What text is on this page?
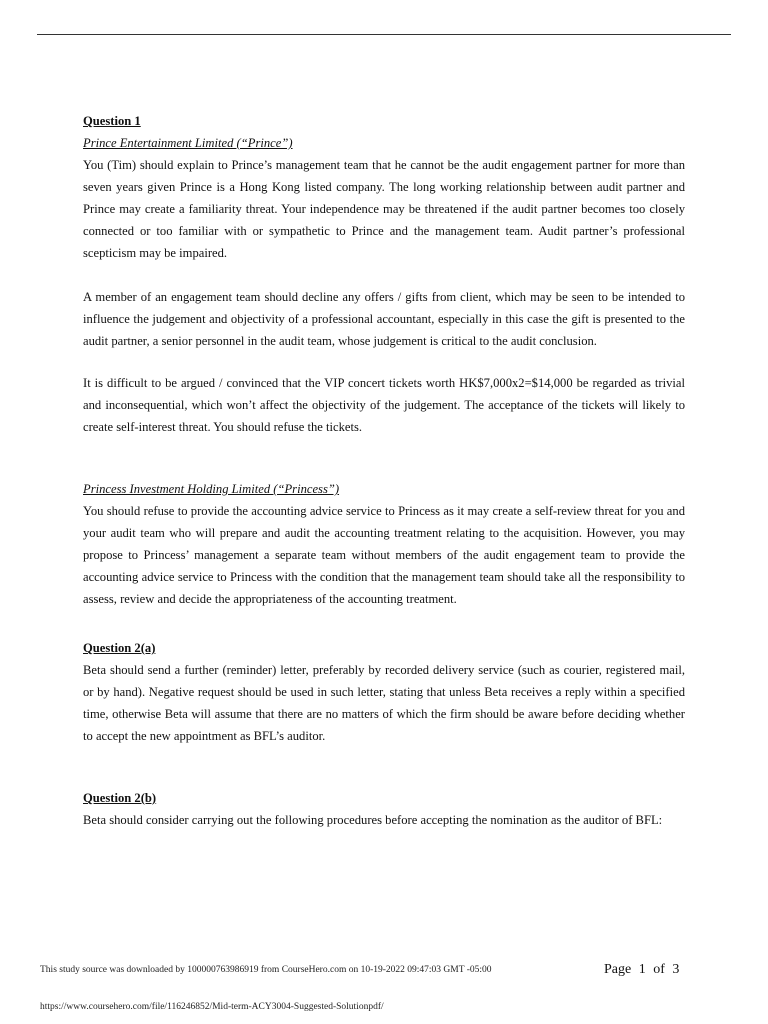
Question 1

Prince Entertainment Limited (“Prince”)

You (Tim) should explain to Prince’s management team that he cannot be the audit engagement partner for more than seven years given Prince is a Hong Kong listed company. The long working relationship between audit partner and Prince may create a familiarity threat. Your independence may be threatened if the audit partner becomes too closely connected or too familiar with or sympathetic to Prince and the management team. Audit partner’s professional scepticism may be impaired.

A member of an engagement team should decline any offers / gifts from client, which may be seen to be intended to influence the judgement and objectivity of a professional accountant, especially in this case the gift is presented to the audit partner, a senior personnel in the audit team, whose judgement is critical to the audit conclusion.

It is difficult to be argued / convinced that the VIP concert tickets worth HK$7,000x2=$14,000 be regarded as trivial and inconsequential, which won’t affect the objectivity of the judgement. The acceptance of the tickets will likely to create self-interest threat. You should refuse the tickets.

Princess Investment Holding Limited (“Princess”)

You should refuse to provide the accounting advice service to Princess as it may create a self-review threat for you and your audit team who will prepare and audit the accounting treatment relating to the acquisition. However, you may propose to Princess’ management a separate team without members of the audit engagement team to provide the accounting advice service to Princess with the condition that the management team should take all the responsibility to assess, review and decide the appropriateness of the accounting treatment.

Question 2(a)

Beta should send a further (reminder) letter, preferably by recorded delivery service (such as courier, registered mail, or by hand). Negative request should be used in such letter, stating that unless Beta receives a reply within a specified time, otherwise Beta will assume that there are no matters of which the firm should be aware before deciding whether to accept the new appointment as BFL’s auditor.

Question 2(b)

Beta should consider carrying out the following procedures before accepting the nomination as the auditor of BFL:

This study source was downloaded by 100000763986919 from CourseHero.com on 10-19-2022 09:47:03 GMT -05:00	Page 1 of 3
https://www.coursehero.com/file/116246852/Mid-term-ACY3004-Suggested-Solutionpdf/
